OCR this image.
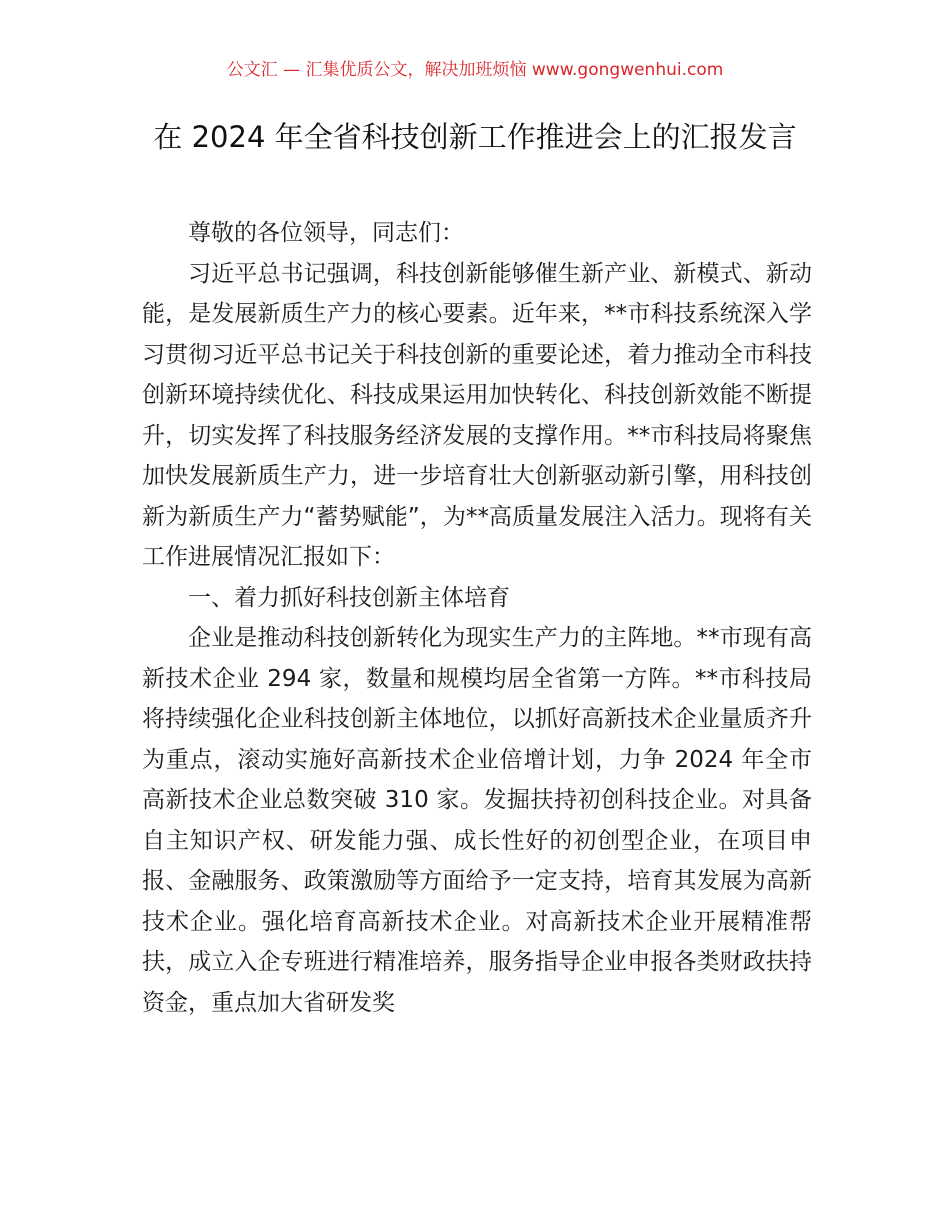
公文汇 — 汇集优质公文，解决加班烦恼 www.gongwenhui.com
在 2024 年全省科技创新工作推进会上的汇报发言

尊敬的各位领导，同志们：

习近平总书记强调，科技创新能够催生新产业、新模式、新动能，是发展新质生产力的核心要素。近年来，**市科技系统深入学习贯彻习近平总书记关于科技创新的重要论述，着力推动全市科技创新环境持续优化、科技成果运用加快转化、科技创新效能不断提升，切实发挥了科技服务经济发展的支撑作用。**市科技局将聚焦加快发展新质生产力，进一步培育壮大创新驱动新引擎，用科技创新为新质生产力“蓄势赋能”，为**高质量发展注入活力。现将有关工作进展情况汇报如下：

一、着力抓好科技创新主体培育

企业是推动科技创新转化为现实生产力的主阵地。**市现有高新技术企业 294 家，数量和规模均居全省第一方阵。**市科技局将持续强化企业科技创新主体地位，以抓好高新技术企业量质齐升为重点，滚动实施好高新技术企业倍增计划，力争 2024 年全市高新技术企业总数突破 310 家。发掘扶持初创科技企业。对具备自主知识产权、研发能力强、成长性好的初创型企业，在项目申报、金融服务、政策激励等方面给予一定支持，培育其发展为高新技术企业。强化培育高新技术企业。对高新技术企业开展精准帮扶，成立入企专班进行精准培养，服务指导企业申报各类财政扶持资金，重点加大省研发奖
